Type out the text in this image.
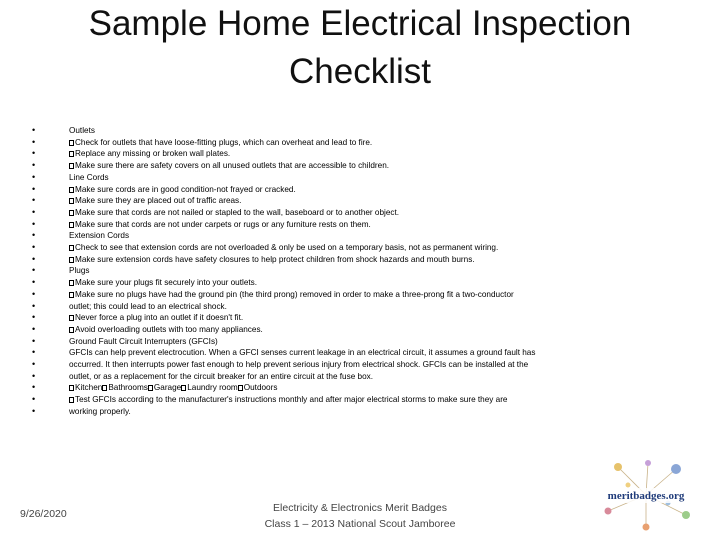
Sample Home Electrical Inspection Checklist
•	Outlets
•	Check for outlets that have loose-fitting plugs, which can overheat and lead to fire.
•	Replace any missing or broken wall plates.
•	Make sure there are safety covers on all unused outlets that are accessible to children.
•	Line Cords
•	Make sure cords are in good condition-not frayed or cracked.
•	Make sure they are placed out of traffic areas.
•	Make sure that cords are not nailed or stapled to the wall, baseboard or to another object.
•	Make sure that cords are not under carpets or rugs or any furniture rests on them.
•	Extension Cords
•	Check to see that extension cords are not overloaded & only be used on a temporary basis, not as permanent wiring.
•	Make sure extension cords have safety closures to help protect children from shock hazards and mouth burns.
•	Plugs
•	Make sure your plugs fit securely into your outlets.
•	Make sure no plugs have had the ground pin (the third prong) removed in order to make a three-prong fit a two-conductor
•	outlet; this could lead to an electrical shock.
•	Never force a plug into an outlet if it doesn't fit.
•	Avoid overloading outlets with too many appliances.
•	Ground Fault Circuit Interrupters (GFCIs)
•	GFCIs can help prevent electrocution. When a GFCI senses current leakage in an electrical circuit, it assumes a ground fault has
•	occurred. It then interrupts power fast enough to help prevent serious injury from electrical shock. GFCIs can be installed at the
•	outlet, or as a replacement for the circuit breaker for an entire circuit at the fuse box.
•	Kitchen Bathrooms Garage Laundry room Outdoors
•	Test GFCIs according to the manufacturer's instructions monthly and after major electrical storms to make sure they are
•	working properly.
9/26/2020	Electricity & Electronics Merit Badges
Class 1 – 2013 National Scout Jamboree
meritbadges.org
